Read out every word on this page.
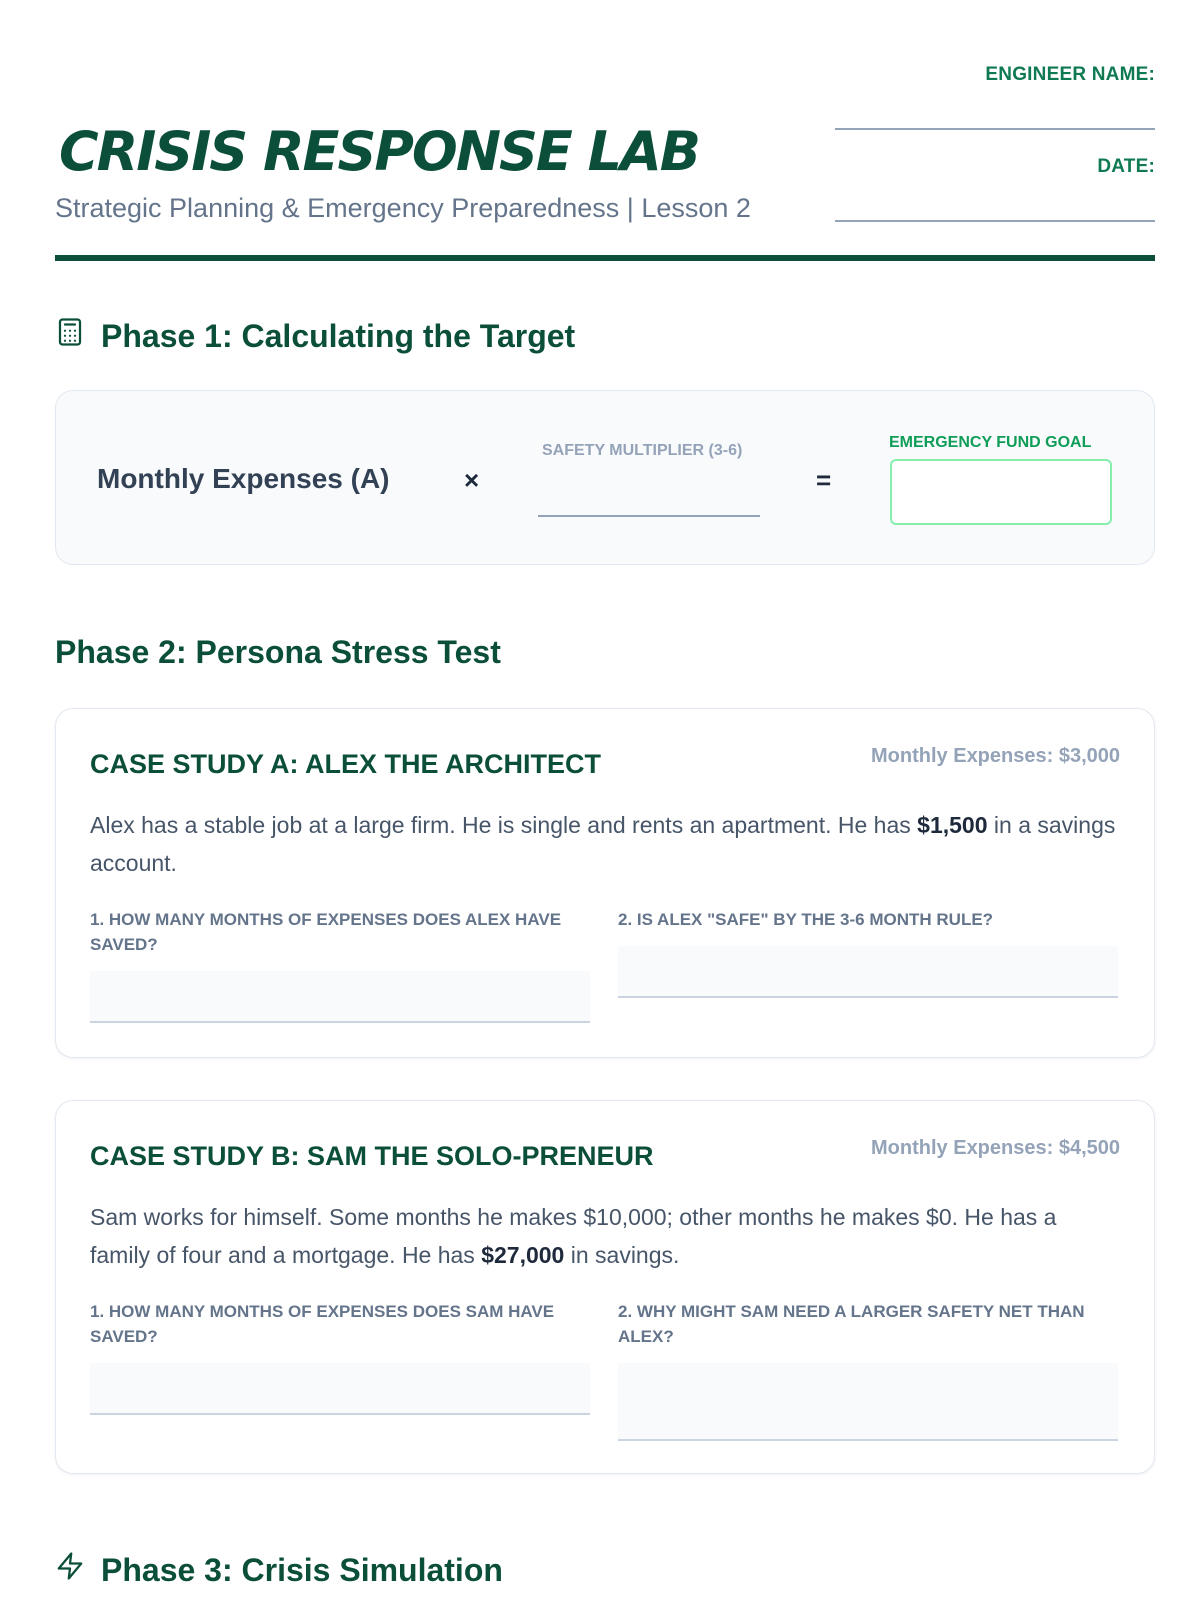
CRISIS RESPONSE LAB
Strategic Planning & Emergency Preparedness | Lesson 2
ENGINEER NAME:
DATE:
Phase 1: Calculating the Target
Monthly Expenses (A)	×
SAFETY MULTIPLIER (3-6)
=
EMERGENCY FUND GOAL
Phase 2: Persona Stress Test
CASE STUDY A: ALEX THE ARCHITECT	Monthly Expenses: $3,000
Alex has a stable job at a large firm. He is single and rents an apartment. He has $1,500 in a savings account.
1. HOW MANY MONTHS OF EXPENSES DOES ALEX HAVE SAVED?
2. IS ALEX "SAFE" BY THE 3-6 MONTH RULE?
CASE STUDY B: SAM THE SOLO-PRENEUR	Monthly Expenses: $4,500
Sam works for himself. Some months he makes $10,000; other months he makes $0. He has a family of four and a mortgage. He has $27,000 in savings.
1. HOW MANY MONTHS OF EXPENSES DOES SAM HAVE SAVED?
2. WHY MIGHT SAM NEED A LARGER SAFETY NET THAN ALEX?
Phase 3: Crisis Simulation
